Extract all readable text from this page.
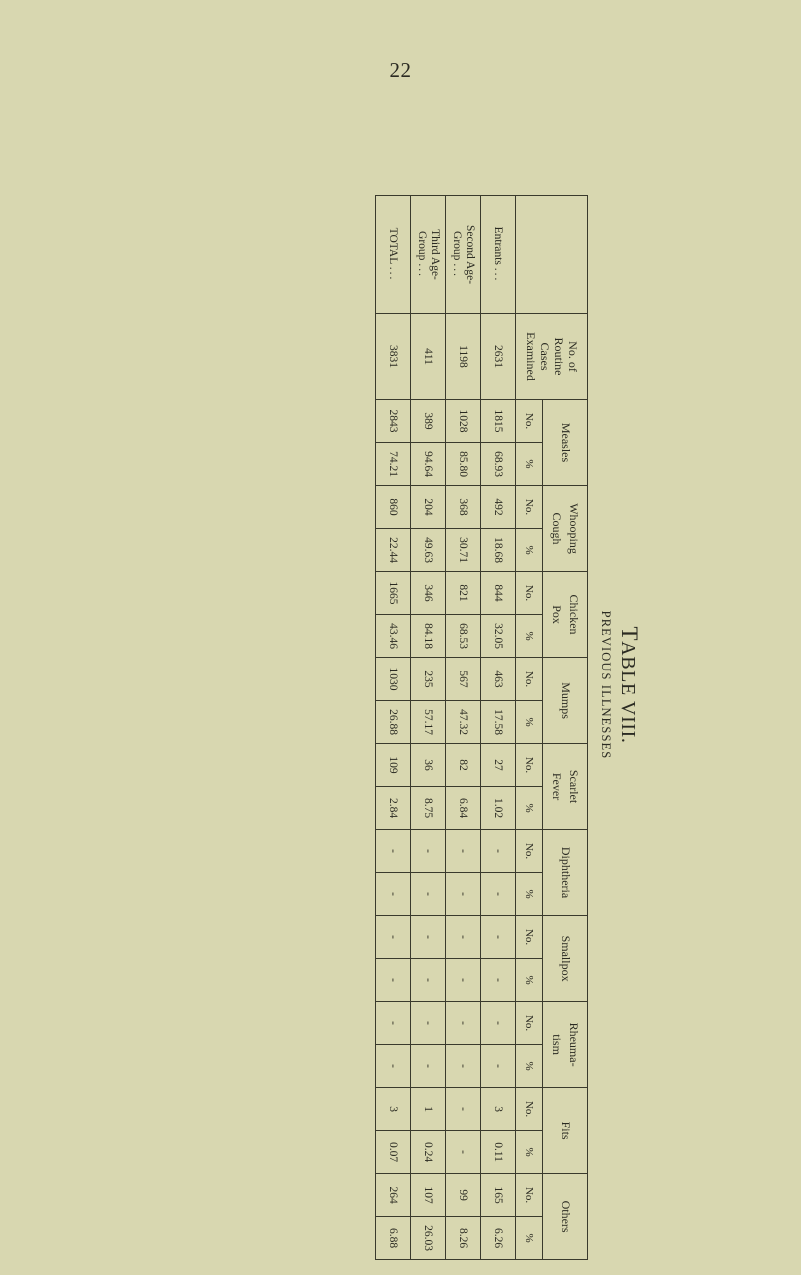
22
TABLE VIII.
PREVIOUS ILLNESSES
	No. of
Routine
Cases
Examined	Measles		Whooping
Cough		Chicken
Pox		Mumps		Scarlet
Fever		Diphtheria		Smallpox		Rheuma-
tism		Fits		Others	

		No.	%	No.	%	No.	%	No.	%	No.	%	No.	%	No.	%	No.	%	No.	%	No.	%
Entrants ...	2631	1815	68.93	492	18.68	844	32.05	463	17.58	27	1.02	-	-	-	-	-	-	3	0.11	165	6.26
Second Age-
Group ...	1198	1028	85.80	368	30.71	821	68.53	567	47.32	82	6.84	-	-	-	-	-	-	-	-	99	8.26
Third Age-
Group ...	411	389	94.64	204	49.63	346	84.18	235	57.17	36	8.75	-	-	-	-	-	-	1	0.24	107	26.03
TOTAL ...	3831	2843	74.21	860	22.44	1665	43.46	1030	26.88	109	2.84	-	-	-	-	-	-	3	0.07	264	6.88
